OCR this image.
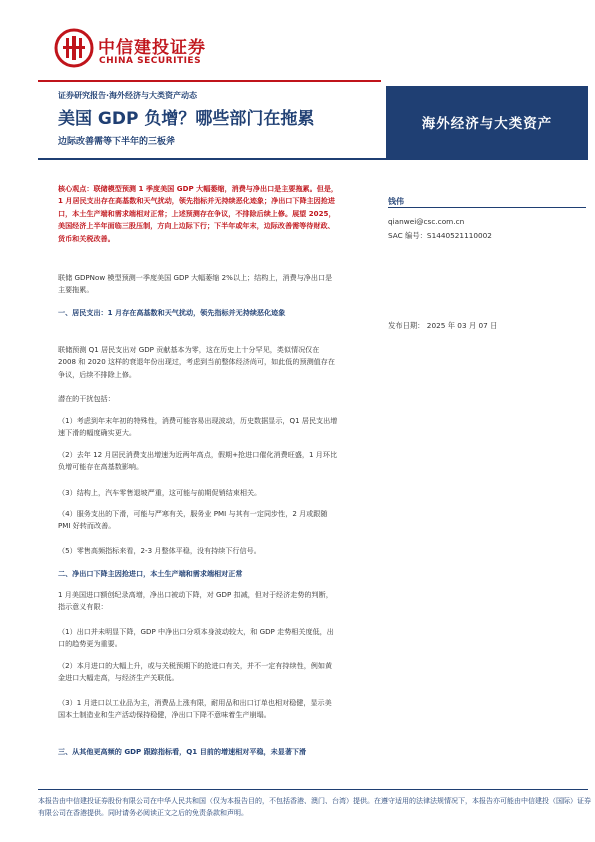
中信建投证券
CHINA SECURITIES
海外经济与大类资产
证券研究报告·海外经济与大类资产动态
美国 GDP 负增？哪些部门在拖累
边际改善需等下半年的三板斧
核心观点：联储模型预测 1 季度美国 GDP 大幅萎缩，消费与净出口是主要拖累。但是，1 月居民支出存在高基数和天气扰动，领先指标并无持续恶化迹象；净出口下降主因抢进口，本土生产端和需求端相对正常；上述预测存在争议，不排除后续上修。展望 2025，美国经济上半年面临三股压制，方向上边际下行；下半年或年末，边际改善需等待财政、货币和关税改善。
联储 GDPNow 模型预测一季度美国 GDP 大幅萎缩 2%以上；结构上，消费与净出口是主要拖累。
一、居民支出：1 月存在高基数和天气扰动，领先指标并无持续恶化迹象
联储预测 Q1 居民支出对 GDP 贡献基本为零，这在历史上十分罕见，类似情况仅在 2008 和 2020 这样的衰退年份出现过，考虑到当前整体经济尚可，如此低的预测值存在争议，后续不排除上修。
潜在的干扰包括：
（1）考虑到年末年初的特殊性，消费可能容易出现波动，历史数据显示，Q1 居民支出增速下滑的幅度确实更大。
（2）去年 12 月居民消费支出增速为近两年高点，假期+抢进口催化消费旺盛，1 月环比负增可能存在高基数影响。
（3）结构上，汽车零售退坡严重，这可能与前期促销结束相关。
（4）服务支出的下滑，可能与严寒有关，服务业 PMI 与其有一定同步性，2 月或跟随 PMI 好转而改善。
（5）零售高频指标来看，2-3 月整体平稳，没有持续下行信号。
二、净出口下降主因抢进口，本土生产端和需求端相对正常
1 月美国进口额创纪录高增，净出口被动下降，对 GDP 扣减，但对于经济走势的判断，指示意义有限：
（1）出口并未明显下降，GDP 中净出口分项本身波动较大，和 GDP 走势相关度低，出口的趋势更为重要。
（2）本月进口的大幅上升，或与关税预期下的抢进口有关，并不一定有持续性，例如黄金进口大幅走高，与经济生产关联低。
（3）1 月进口以工业品为主，消费品上涨有限，耐用品和出口订单也相对稳健，显示美国本土制造业和生产活动保持稳健，净出口下降不意味着生产崩塌。
三、从其他更高频的 GDP 跟踪指标看，Q1 目前的增速相对平稳，未显著下滑
钱伟
qianwei@csc.com.cn
SAC 编号：S1440521110002
发布日期： 2025 年 03 月 07 日
本报告由中信建投证券股份有限公司在中华人民共和国（仅为本报告目的，不包括香港、澳门、台湾）提供。在遵守适用的法律法规情况下，本报告亦可能由中信建投（国际）证券有限公司在香港提供。同时请务必阅读正文之后的免责条款和声明。
